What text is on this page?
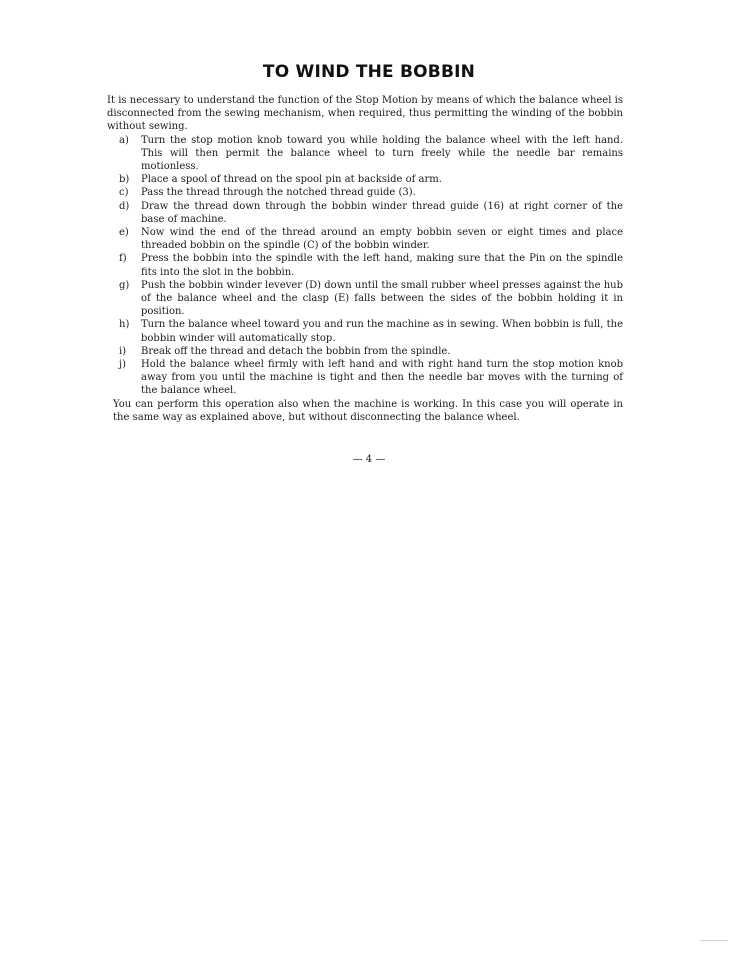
TO WIND THE BOBBIN

It is necessary to understand the function of the Stop Motion by means of which the balance wheel is disconnected from the sewing mechanism, when required, thus permitting the winding of the bobbin without sewing.

a) Turn the stop motion knob toward you while holding the balance wheel with the left hand. This will then permit the balance wheel to turn freely while the needle bar remains motionless.
b) Place a spool of thread on the spool pin at backside of arm.
c) Pass the thread through the notched thread guide (3).
d) Draw the thread down through the bobbin winder thread guide (16) at right corner of the base of machine.
e) Now wind the end of the thread around an empty bobbin seven or eight times and place threaded bobbin on the spindle (C) of the bobbin winder.
f) Press the bobbin into the spindle with the left hand, making sure that the Pin on the spindle fits into the slot in the bobbin.
g) Push the bobbin winder levever (D) down until the small rubber wheel presses against the hub of the balance wheel and the clasp (E) falls between the sides of the bobbin holding it in position.
h) Turn the balance wheel toward you and run the machine as in sewing. When bobbin is full, the bobbin winder will automatically stop.
i) Break off the thread and detach the bobbin from the spindle.
j) Hold the balance wheel firmly with left hand and with right hand turn the stop motion knob away from you until the machine is tight and then the needle bar moves with the turning of the balance wheel.

You can perform this operation also when the machine is working. In this case you will operate in the same way as explained above, but without disconnecting the balance wheel.

— 4 —
